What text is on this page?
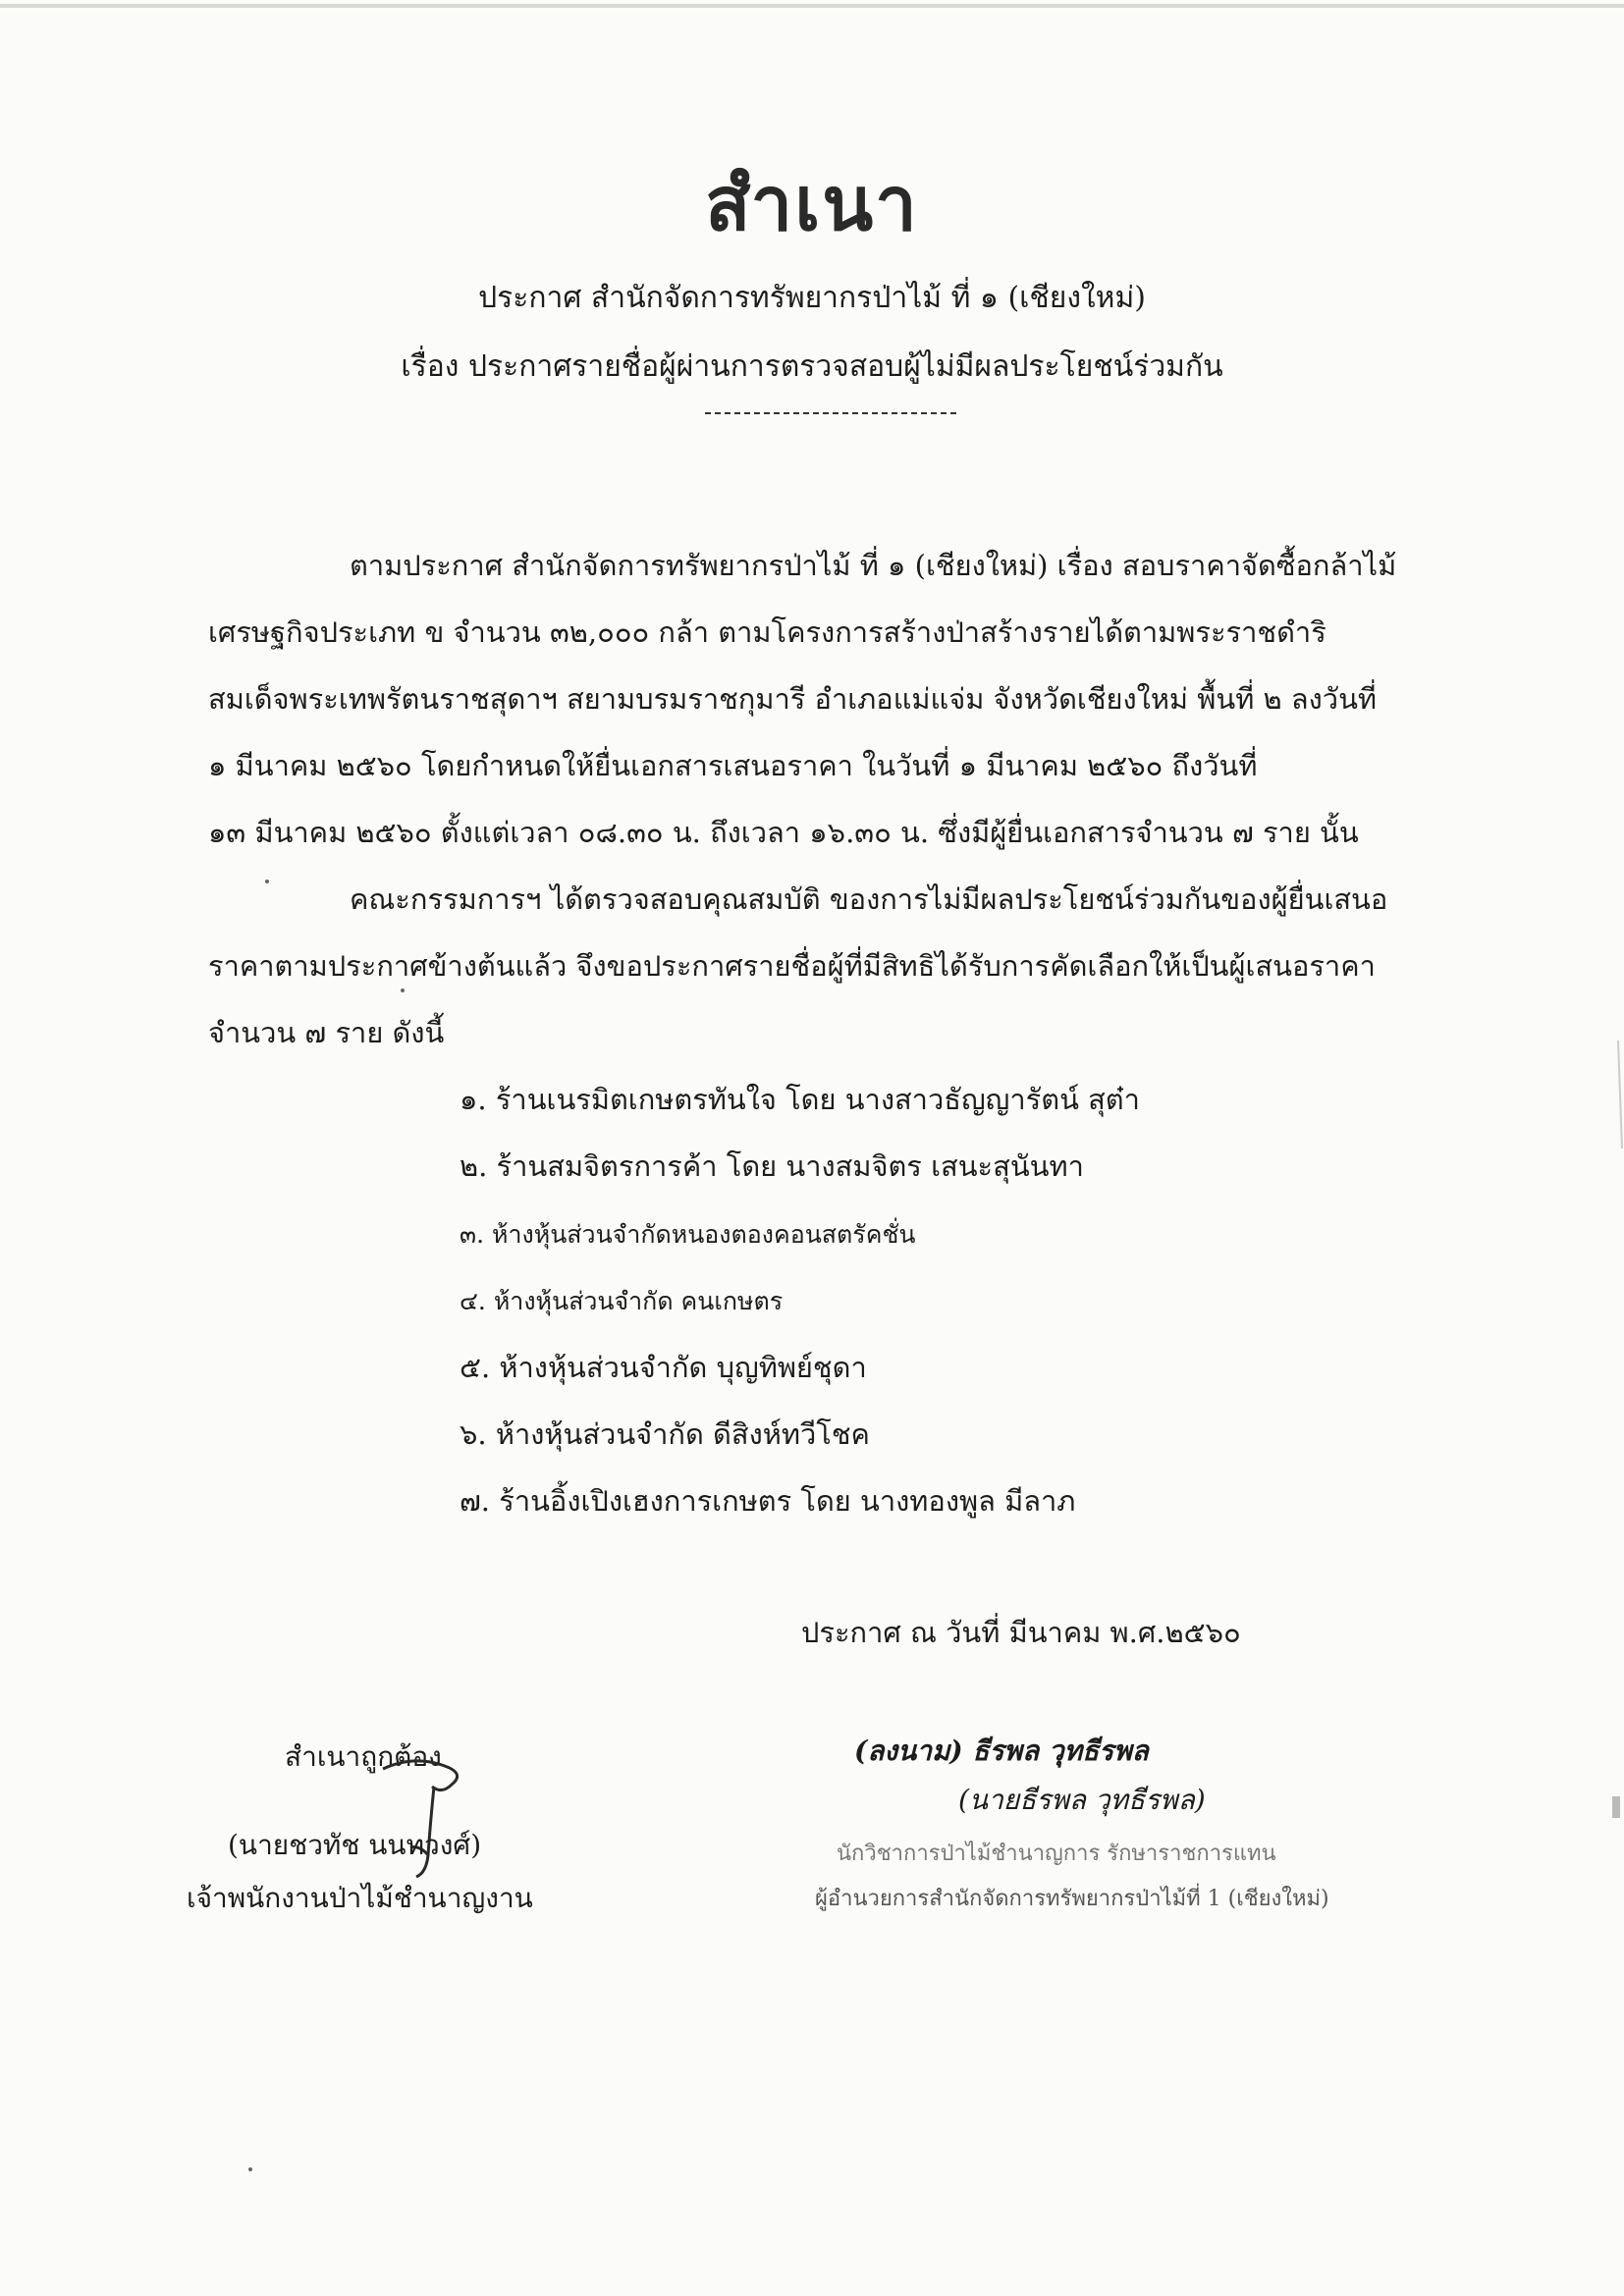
สำเนา
ประกาศ สำนักจัดการทรัพยากรป่าไม้ ที่ ๑ (เชียงใหม่)
เรื่อง ประกาศรายชื่อผู้ผ่านการตรวจสอบผู้ไม่มีผลประโยชน์ร่วมกัน
ตามประกาศ สำนักจัดการทรัพยากรป่าไม้ ที่ ๑ (เชียงใหม่) เรื่อง สอบราคาจัดซื้อกล้าไม้
เศรษฐกิจประเภท ข จำนวน ๓๒,๐๐๐ กล้า ตามโครงการสร้างป่าสร้างรายได้ตามพระราชดำริ
สมเด็จพระเทพรัตนราชสุดาฯ สยามบรมราชกุมารี อำเภอแม่แจ่ม จังหวัดเชียงใหม่ พื้นที่ ๒ ลงวันที่
๑ มีนาคม ๒๕๖๐ โดยกำหนดให้ยื่นเอกสารเสนอราคา ในวันที่ ๑ มีนาคม ๒๕๖๐ ถึงวันที่
๑๓ มีนาคม ๒๕๖๐ ตั้งแต่เวลา ๐๘.๓๐ น. ถึงเวลา ๑๖.๓๐ น. ซึ่งมีผู้ยื่นเอกสารจำนวน ๗ ราย นั้น
คณะกรรมการฯ ได้ตรวจสอบคุณสมบัติ ของการไม่มีผลประโยชน์ร่วมกันของผู้ยื่นเสนอ
ราคาตามประกาศข้างต้นแล้ว จึงขอประกาศรายชื่อผู้ที่มีสิทธิได้รับการคัดเลือกให้เป็นผู้เสนอราคา
จำนวน ๗ ราย ดังนี้
๑. ร้านเนรมิตเกษตรทันใจ โดย นางสาวธัญญารัตน์ สุต๋า
๒. ร้านสมจิตรการค้า โดย นางสมจิตร เสนะสุนันทา
๓. ห้างหุ้นส่วนจำกัดหนองตองคอนสตรัคชั่น
๔. ห้างหุ้นส่วนจำกัด คนเกษตร
๕. ห้างหุ้นส่วนจำกัด บุญทิพย์ชุดา
๖. ห้างหุ้นส่วนจำกัด ดีสิงห์ทวีโชค
๗. ร้านอิ้งเปิงเฮงการเกษตร โดย นางทองพูล มีลาภ
ประกาศ ณ วันที่ มีนาคม พ.ศ.๒๕๖๐
สำเนาถูกต้อง
(นายชวทัช นนทวงศ์)
เจ้าพนักงานป่าไม้ชำนาญงาน
(ลงนาม) ธีรพล วุทธีรพล
(นายธีรพล วุทธีรพล)
นักวิชาการป่าไม้ชำนาญการ รักษาราชการแทน
ผู้อำนวยการสำนักจัดการทรัพยากรป่าไม้ที่ 1 (เชียงใหม่)
